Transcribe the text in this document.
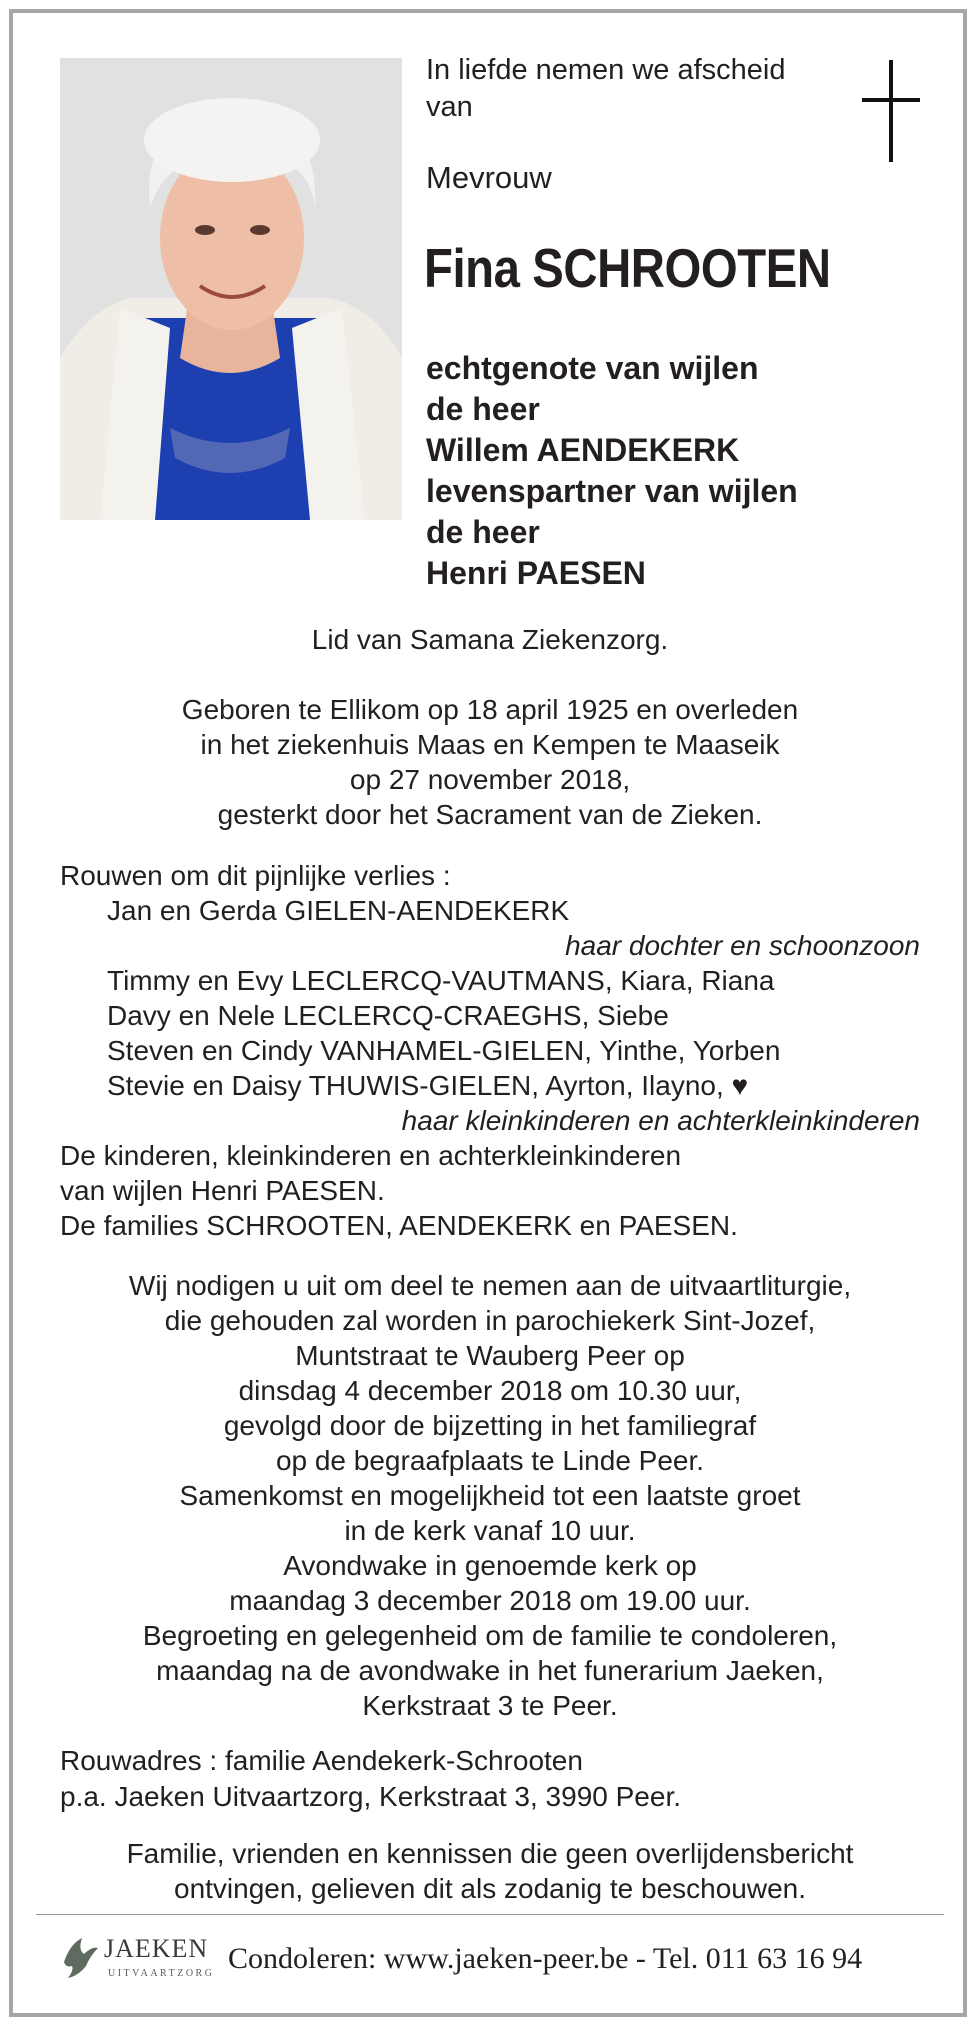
In liefde nemen we afscheid
van
Mevrouw
Fina SCHROOTEN
echtgenote van wijlen
de heer
Willem AENDEKERK
levenspartner van wijlen
de heer
Henri PAESEN
Lid van Samana Ziekenzorg.
Geboren te Ellikom op 18 april 1925 en overleden
in het ziekenhuis Maas en Kempen te Maaseik
op 27 november 2018,
gesterkt door het Sacrament van de Zieken.
Rouwen om dit pijnlijke verlies :
Jan en Gerda GIELEN-AENDEKERK
haar dochter en schoonzoon
Timmy en Evy LECLERCQ-VAUTMANS, Kiara, Riana
Davy en Nele LECLERCQ-CRAEGHS, Siebe
Steven en Cindy VANHAMEL-GIELEN, Yinthe, Yorben
Stevie en Daisy THUWIS-GIELEN, Ayrton, Ilayno, ♥
haar kleinkinderen en achterkleinkinderen
De kinderen, kleinkinderen en achterkleinkinderen
van wijlen Henri PAESEN.
De families SCHROOTEN, AENDEKERK en PAESEN.
Wij nodigen u uit om deel te nemen aan de uitvaartliturgie,
die gehouden zal worden in parochiekerk Sint-Jozef,
Muntstraat te Wauberg Peer op
dinsdag 4 december 2018 om 10.30 uur,
gevolgd door de bijzetting in het familiegraf
op de begraafplaats te Linde Peer.
Samenkomst en mogelijkheid tot een laatste groet
in de kerk vanaf 10 uur.
Avondwake in genoemde kerk op
maandag 3 december 2018 om 19.00 uur.
Begroeting en gelegenheid om de familie te condoleren,
maandag na de avondwake in het funerarium Jaeken,
Kerkstraat 3 te Peer.
Rouwadres : familie Aendekerk-Schrooten
p.a. Jaeken Uitvaartzorg, Kerkstraat 3, 3990 Peer.
Familie, vrienden en kennissen die geen overlijdensbericht
ontvingen, gelieven dit als zodanig te beschouwen.
JAEKEN
UITVAARTZORG Condoleren: www.jaeken-peer.be - Tel. 011 63 16 94
